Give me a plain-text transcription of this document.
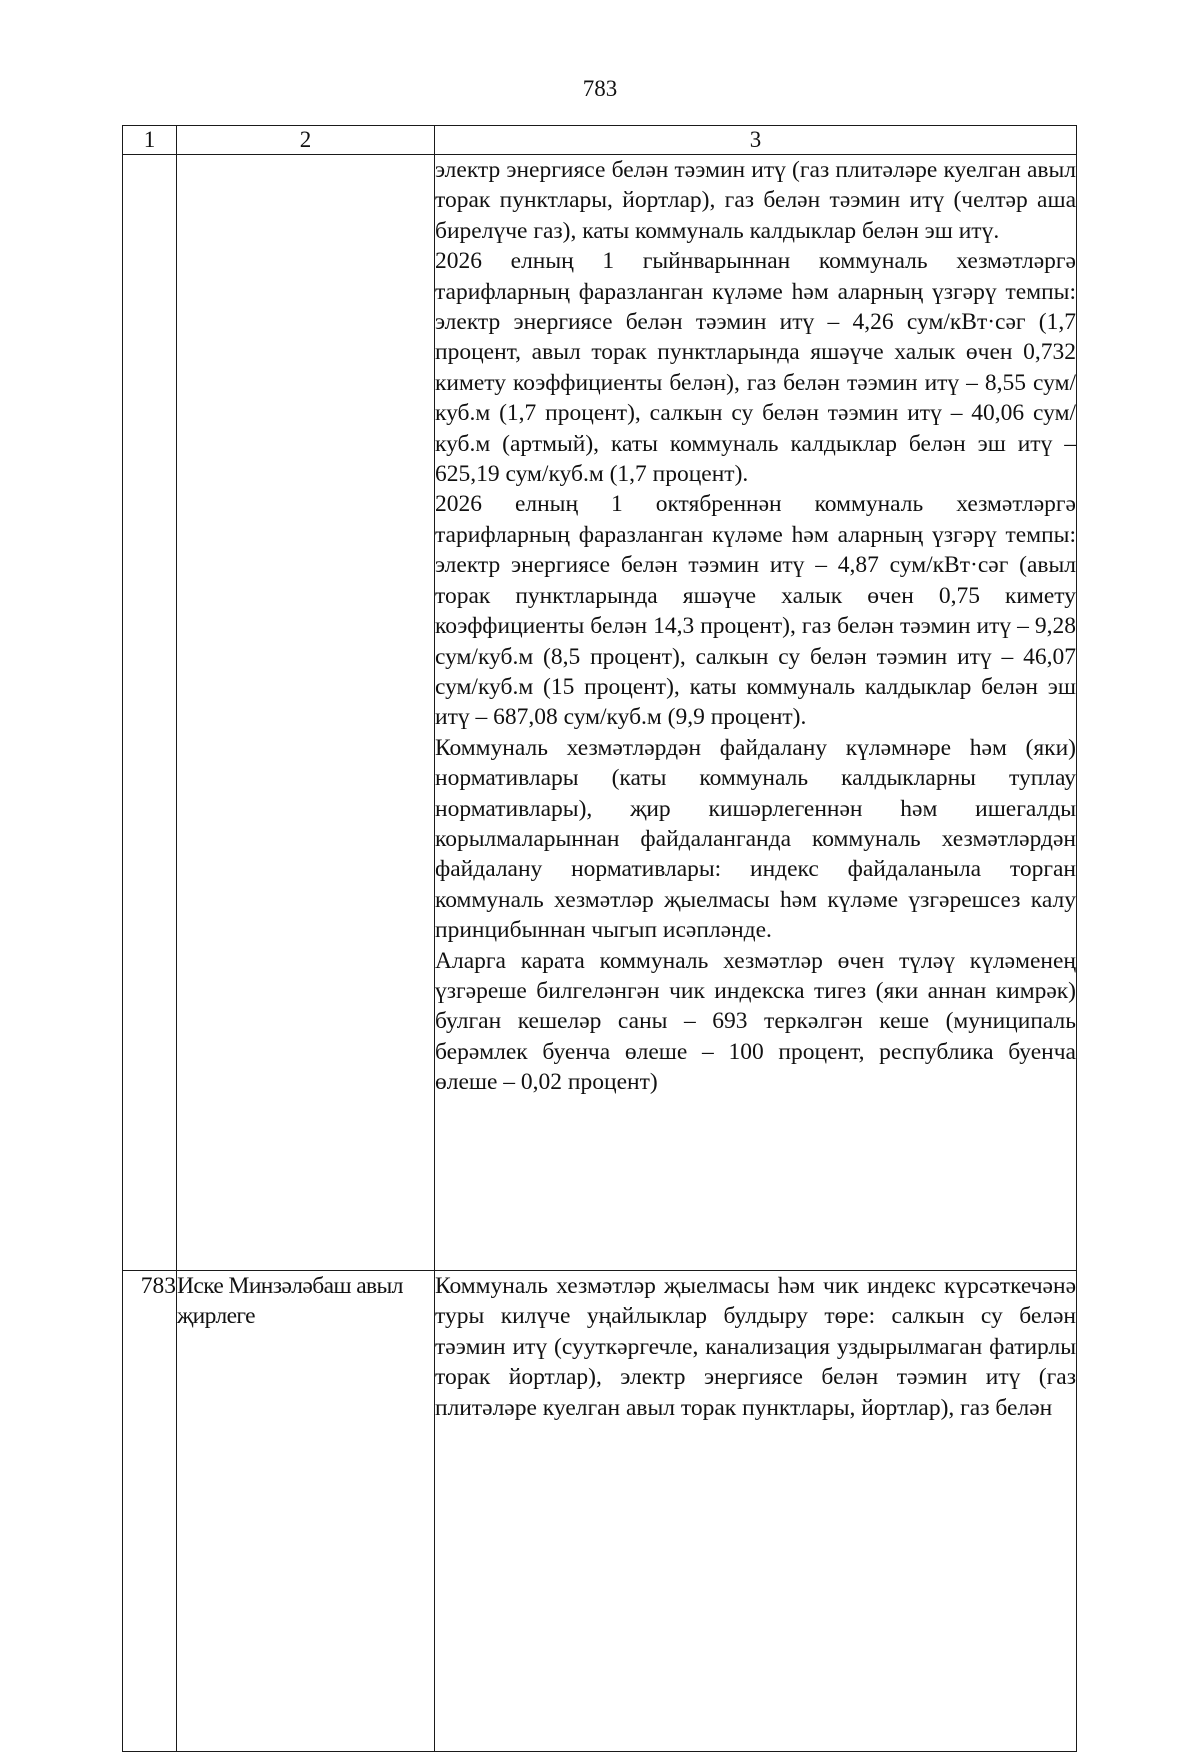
783
1	2	3

		электр энергиясе белән тәэмин итү (газ плитәләре куелган авыл торак пунктлары, йортлар), газ белән тәэмин итү (челтәр аша бирелүче газ), каты коммуналь калдыклар белән эш итү.

2026 елның 1 гыйнварыннан коммуналь хезмәтләргә тарифларның фаразланган күләме һәм аларның үзгәрү темпы: электр энергиясе белән тәэмин итү – 4,26 сум/кВт·сәг (1,7 процент, авыл торак пунктларында яшәүче халык өчен 0,732 кимету коэффициенты белән), газ белән тәэмин итү – 8,55 сум/куб.м (1,7 процент), салкын су белән тәэмин итү – 40,06 сум/куб.м (артмый), каты коммуналь калдыклар белән эш итү – 625,19 сум/куб.м (1,7 процент).

2026 елның 1 октябреннән коммуналь хезмәтләргә тарифларның фаразланган күләме һәм аларның үзгәрү темпы: электр энергиясе белән тәэмин итү – 4,87 сум/кВт·сәг (авыл торак пунктларында яшәүче халык өчен 0,75 кимету коэффициенты белән 14,3 процент), газ белән тәэмин итү – 9,28 сум/куб.м (8,5 процент), салкын су белән тәэмин итү – 46,07 сум/куб.м (15 процент), каты коммуналь калдыклар белән эш итү – 687,08 сум/куб.м (9,9 процент).

Коммуналь хезмәтләрдән файдалану күләмнәре һәм (яки) нормативлары (каты коммуналь калдыкларны туплау нормативлары), җир кишәрлегеннән һәм ишегалды корылмаларыннан файдаланганда коммуналь хезмәтләрдән файдалану нормативлары: индекс файдаланыла торган коммуналь хезмәтләр җыелмасы һәм күләме үзгәрешсез калу принцибыннан чыгып исәпләнде.

Аларга карата коммуналь хезмәтләр өчен түләү күләменең үзгәреше билгеләнгән чик индекска тигез (яки аннан кимрәк) булган кешеләр саны – 693 теркәлгән кеше (муниципаль берәмлек буенча өлеше – 100 процент, республика буенча өлеше – 0,02 процент)

783	Иске Минзәләбаш авыл җирлеге	Коммуналь хезмәтләр җыелмасы һәм чик индекс күрсәткечәнә туры килүче уңайлыклар булдыру төре: салкын су белән тәэмин итү (сууткәргечле, канализация уздырылмаган фатирлы торак йортлар), электр энергиясе белән тәэмин итү (газ плитәләре куелган авыл торак пунктлары, йортлар), газ белән
